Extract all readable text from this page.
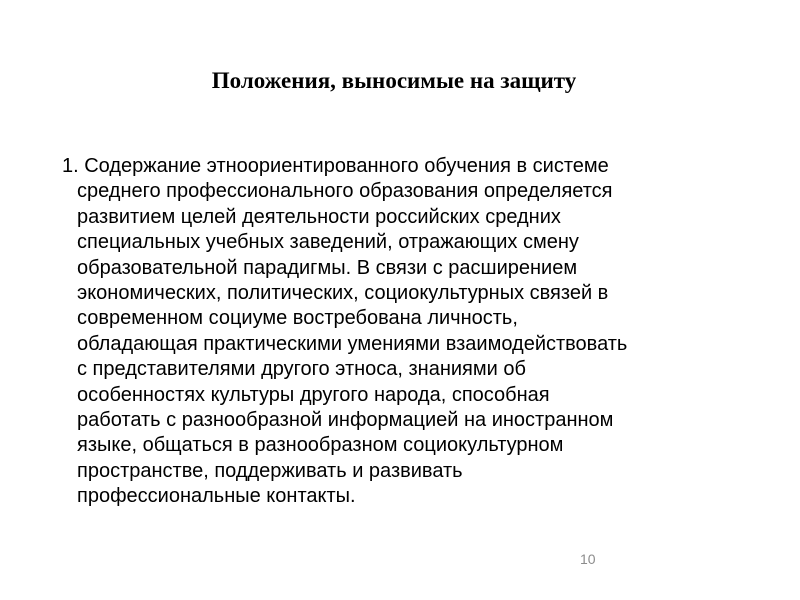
Положения, выносимые на защиту

1. Содержание этноориентированного обучения в системе
среднего профессионального образования определяется
развитием целей деятельности российских средних
специальных учебных заведений, отражающих смену
образовательной парадигмы. В связи с расширением
экономических, политических, социокультурных связей в
современном социуме востребована личность,
обладающая практическими умениями взаимодействовать
с представителями другого этноса, знаниями об
особенностях культуры другого народа, способная
работать с разнообразной информацией на иностранном
языке, общаться в разнообразном социокультурном
пространстве, поддерживать и развивать
профессиональные контакты.

10
